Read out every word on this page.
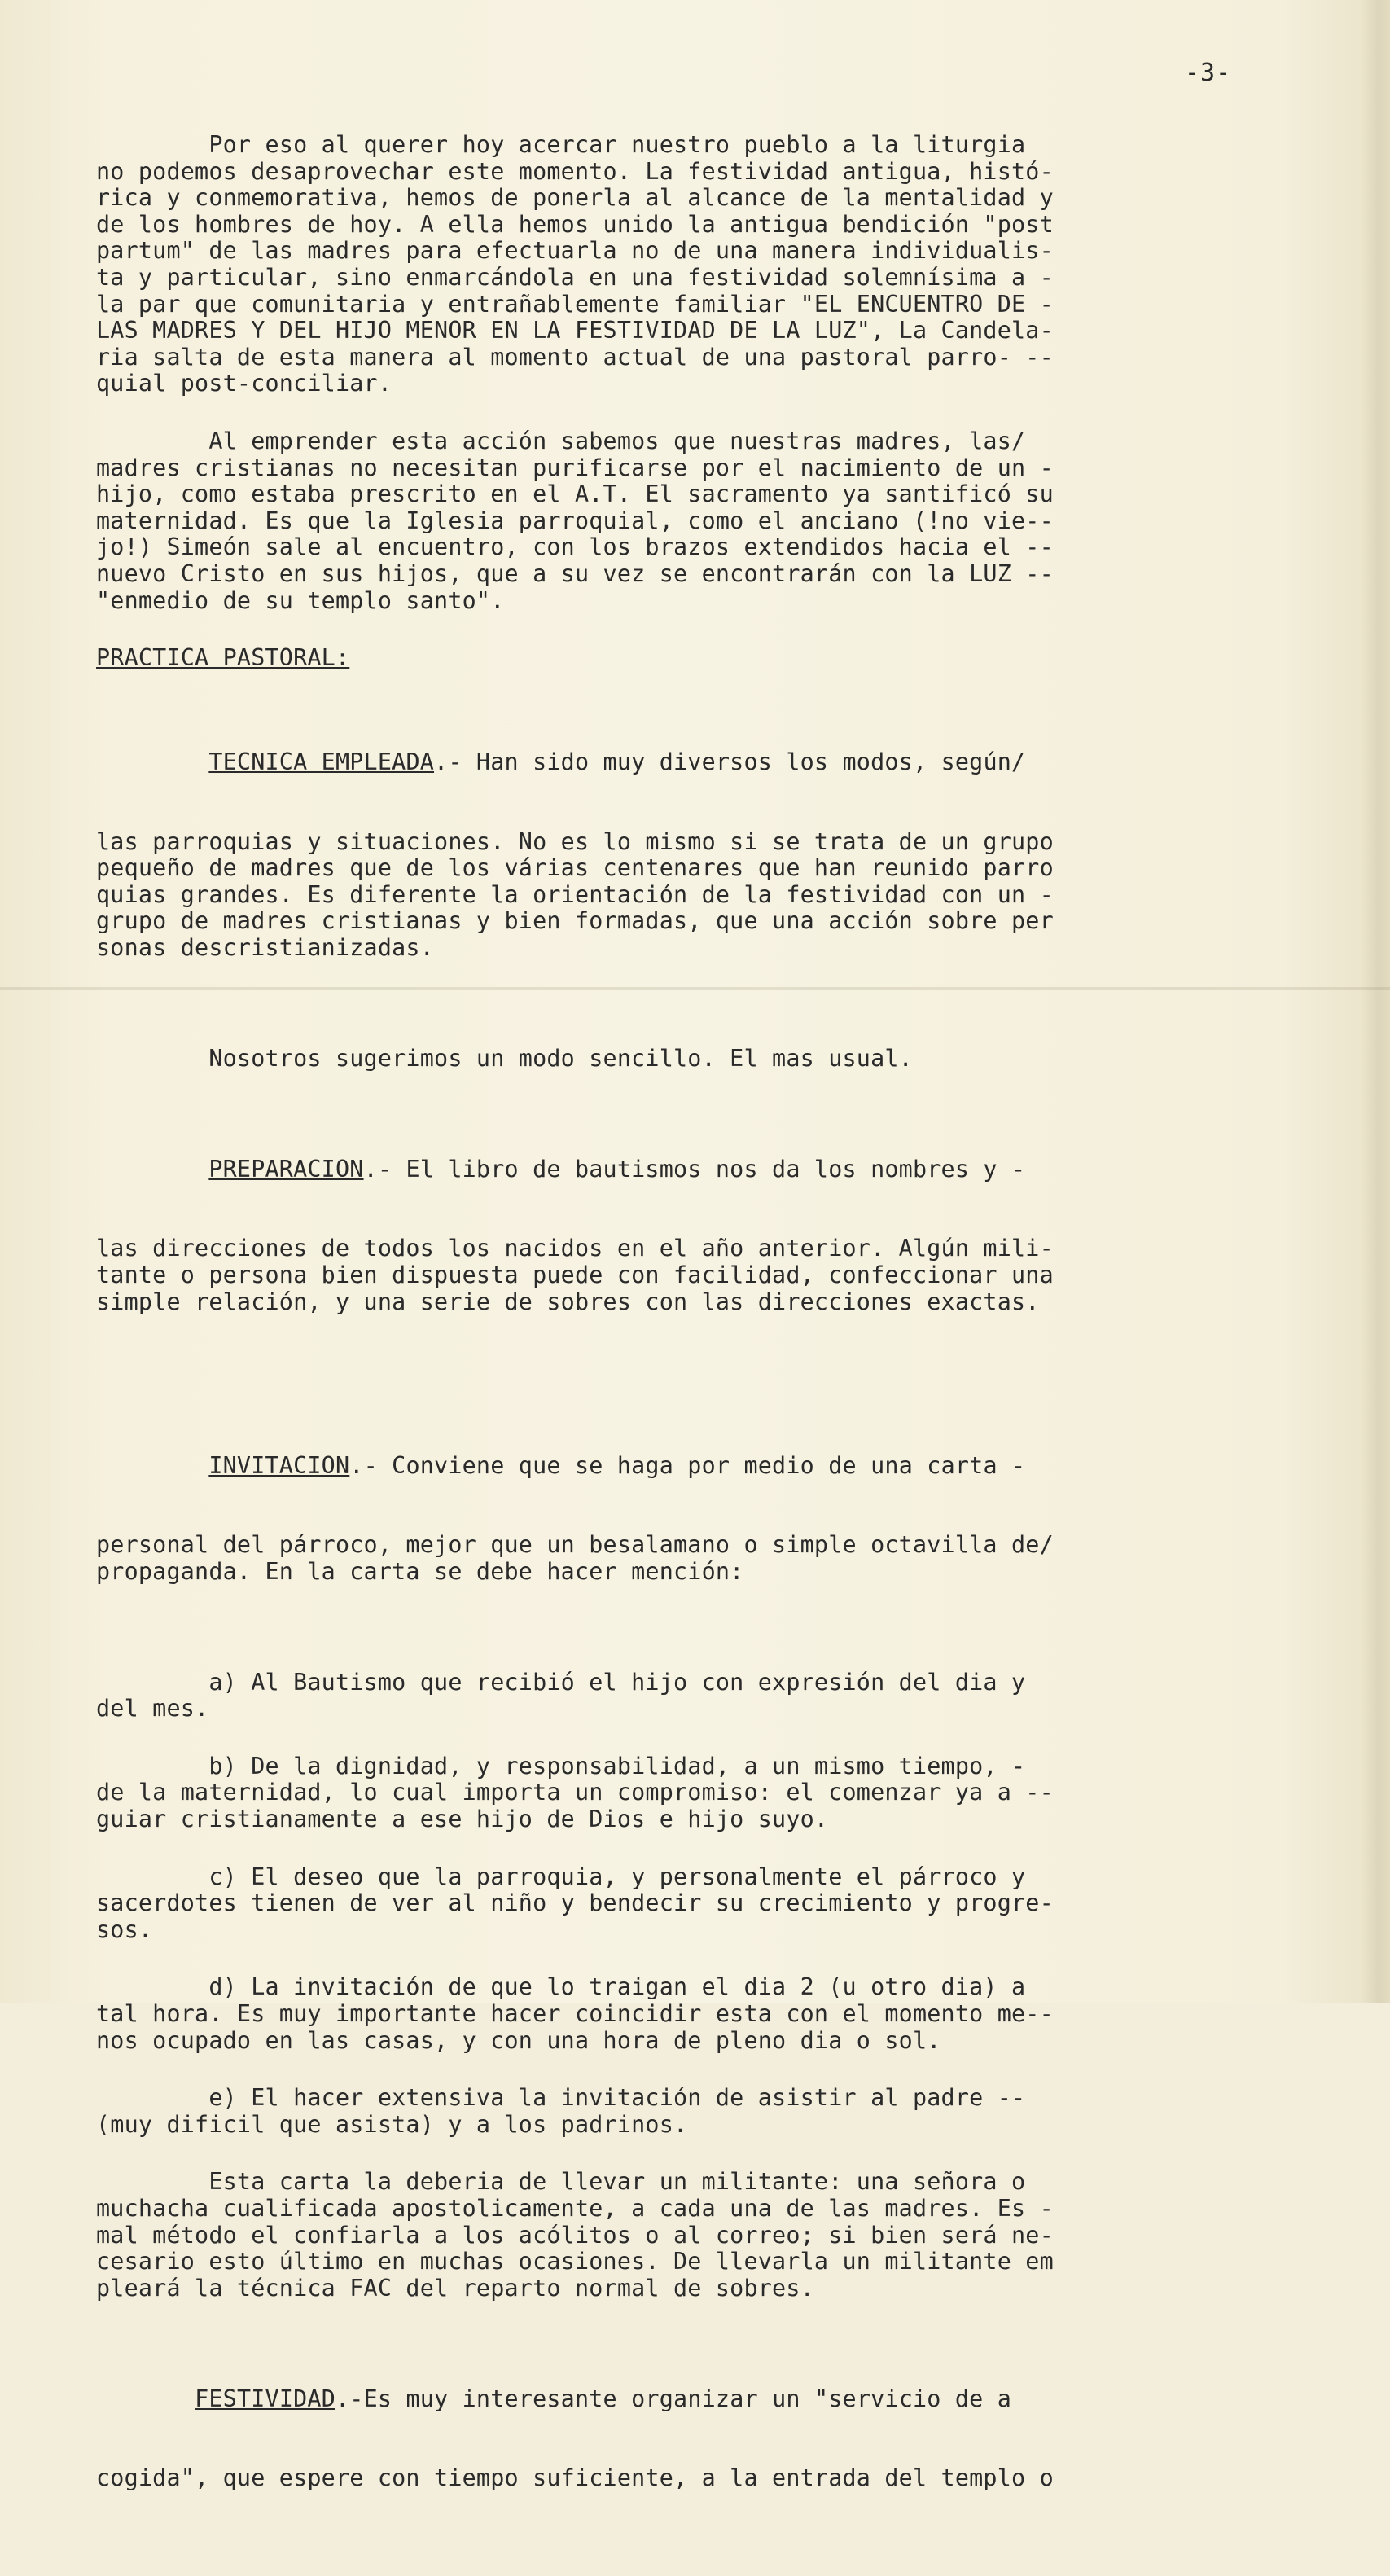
-3-
Por eso al querer hoy acercar nuestro pueblo a la liturgia
no podemos desaprovechar este momento. La festividad antigua, histó-
rica y conmemorativa, hemos de ponerla al alcance de la mentalidad y
de los hombres de hoy. A ella hemos unido la antigua bendición "post
partum" de las madres para efectuarla no de una manera individualis-
ta y particular, sino enmarcándola en una festividad solemnísima a -
la par que comunitaria y entrañablemente familiar "EL ENCUENTRO DE -
LAS MADRES Y DEL HIJO MENOR EN LA FESTIVIDAD DE LA LUZ", La Candela-
ria salta de esta manera al momento actual de una pastoral parro- --
quial post-conciliar.
Al emprender esta acción sabemos que nuestras madres, las/
madres cristianas no necesitan purificarse por el nacimiento de un -
hijo, como estaba prescrito en el A.T. El sacramento ya santificó su
maternidad. Es que la Iglesia parroquial, como el anciano (!no vie--
jo!) Simeón sale al encuentro, con los brazos extendidos hacia el --
nuevo Cristo en sus hijos, que a su vez se encontrarán con la LUZ --
"enmedio de su templo santo".
PRACTICA PASTORAL:

TECNICA EMPLEADA.- Han sido muy diversos los modos, según/

las parroquias y situaciones. No es lo mismo si se trata de un grupo
pequeño de madres que de los várias centenares que han reunido parro
quias grandes. Es diferente la orientación de la festividad con un -
grupo de madres cristianas y bien formadas, que una acción sobre per
sonas descristianizadas.

Nosotros sugerimos un modo sencillo. El mas usual.

PREPARACION.- El libro de bautismos nos da los nombres y -

las direcciones de todos los nacidos en el año anterior. Algún mili-
tante o persona bien dispuesta puede con facilidad, confeccionar una
simple relación, y una serie de sobres con las direcciones exactas.

INVITACION.- Conviene que se haga por medio de una carta -

personal del párroco, mejor que un besalamano o simple octavilla de/
propaganda. En la carta se debe hacer mención:

a) Al Bautismo que recibió el hijo con expresión del dia y
del mes.
b) De la dignidad, y responsabilidad, a un mismo tiempo, -
de la maternidad, lo cual importa un compromiso: el comenzar ya a --
guiar cristianamente a ese hijo de Dios e hijo suyo.
c) El deseo que la parroquia, y personalmente el párroco y
sacerdotes tienen de ver al niño y bendecir su crecimiento y progre-
sos.
d) La invitación de que lo traigan el dia 2 (u otro dia) a
tal hora. Es muy importante hacer coincidir esta con el momento me--
nos ocupado en las casas, y con una hora de pleno dia o sol.
e) El hacer extensiva la invitación de asistir al padre --
(muy dificil que asista) y a los padrinos.
Esta carta la deberia de llevar un militante: una señora o
muchacha cualificada apostolicamente, a cada una de las madres. Es -
mal método el confiarla a los acólitos o al correo; si bien será ne-
cesario esto último en muchas ocasiones. De llevarla un militante em
pleará la técnica FAC del reparto normal de sobres.

FESTIVIDAD.-Es muy interesante organizar un "servicio de a

cogida", que espere con tiempo suficiente, a la entrada del templo o
